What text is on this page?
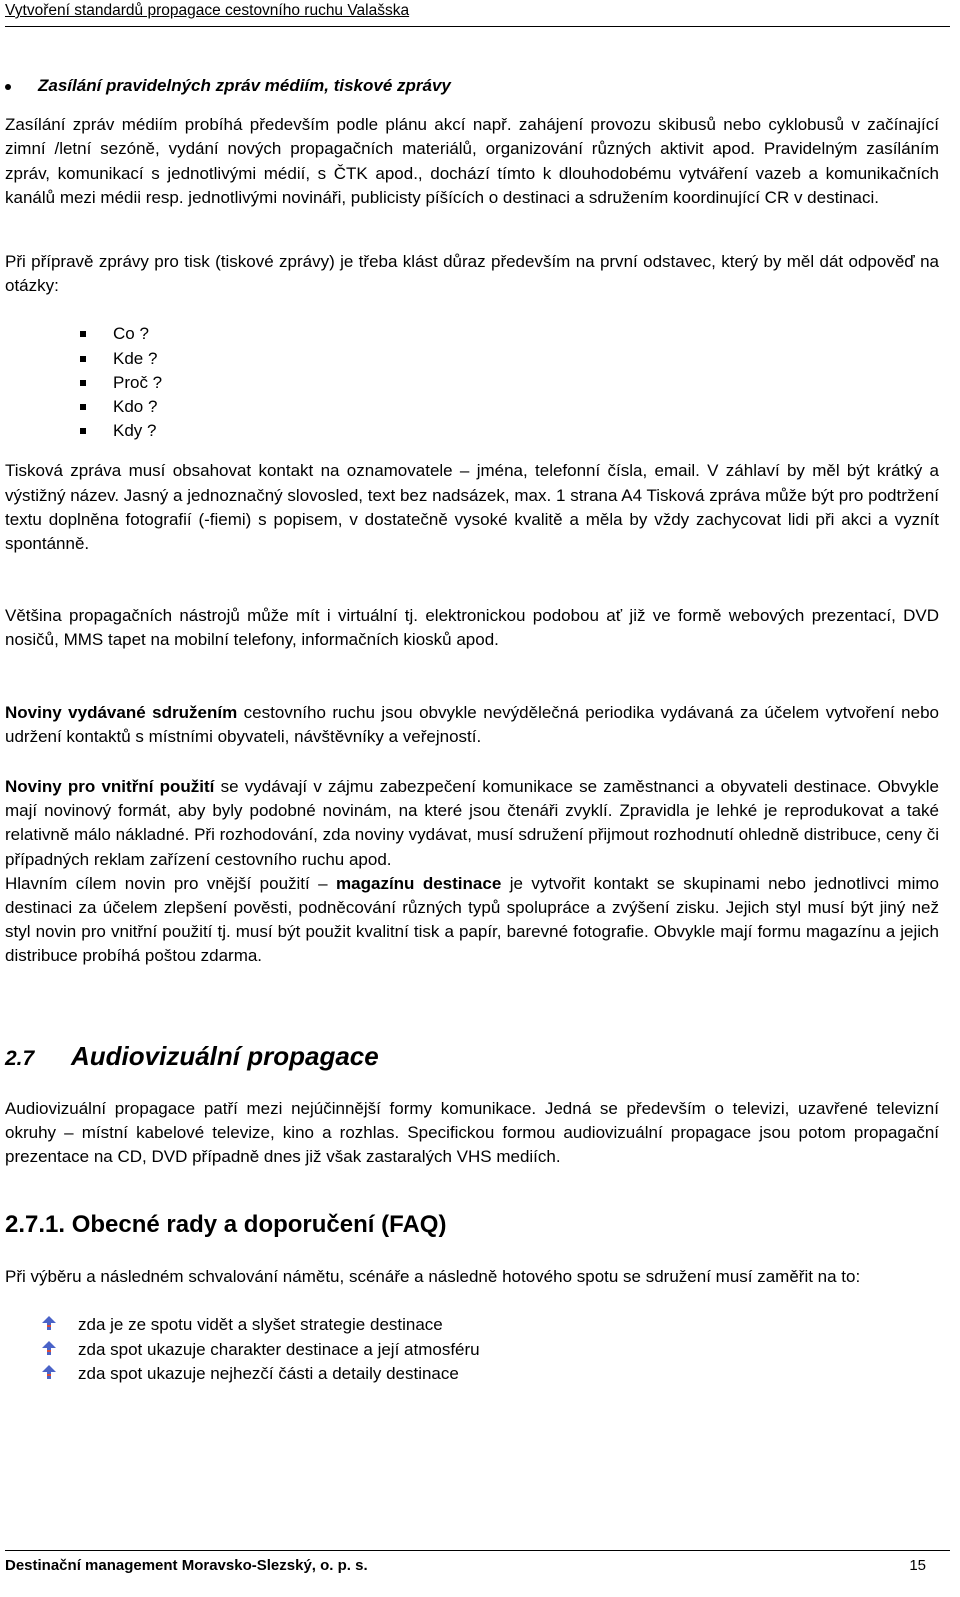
Vytvoření standardů propagace cestovního ruchu Valašska
Zasílání pravidelných zpráv médiím, tiskové zprávy

Zasílání zpráv médiím probíhá především podle plánu akcí např. zahájení provozu skibusů nebo cyklobusů v začínající zimní /letní sezóně, vydání nových propagačních materiálů, organizování různých aktivit apod. Pravidelným zasíláním zpráv, komunikací s jednotlivými médií, s ČTK apod., dochází tímto k dlouhodobému vytváření vazeb a komunikačních kanálů mezi médii resp. jednotlivými novináři, publicisty píšících o destinaci a sdružením koordinující CR v destinaci.

Při přípravě zprávy pro tisk (tiskové zprávy) je třeba klást důraz především na první odstavec, který by měl dát odpověď na otázky:

Co ?
Kde ?
Proč ?
Kdo ?
Kdy ?

Tisková zpráva musí obsahovat kontakt na oznamovatele – jména, telefonní čísla, email. V záhlaví by měl být krátký a výstižný název. Jasný a jednoznačný slovosled, text bez nadsázek, max. 1 strana A4 Tisková zpráva může být pro podtržení textu doplněna fotografií (-fiemi) s popisem, v dostatečně vysoké kvalitě a měla by vždy zachycovat lidi při akci a vyznít spontánně.

Většina propagačních nástrojů může mít i virtuální tj. elektronickou podobou ať již ve formě webových prezentací, DVD nosičů, MMS tapet na mobilní telefony, informačních kiosků apod.

Noviny vydávané sdružením cestovního ruchu jsou obvykle nevýdělečná periodika vydávaná za účelem vytvoření nebo udržení kontaktů s místními obyvateli, návštěvníky a veřejností.

Noviny pro vnitřní použití se vydávají v zájmu zabezpečení komunikace se zaměstnanci a obyvateli destinace. Obvykle mají novinový formát, aby byly podobné novinám, na které jsou čtenáři zvyklí. Zpravidla je lehké je reprodukovat a také relativně málo nákladné. Při rozhodování, zda noviny vydávat, musí sdružení přijmout rozhodnutí ohledně distribuce, ceny či případných reklam zařízení cestovního ruchu apod.

Hlavním cílem novin pro vnější použití – magazínu destinace je vytvořit kontakt se skupinami nebo jednotlivci mimo destinaci za účelem zlepšení pověsti, podněcování různých typů spolupráce a zvýšení zisku. Jejich styl musí být jiný než styl novin pro vnitřní použití tj. musí být použit kvalitní tisk a papír, barevné fotografie. Obvykle mají formu magazínu a jejich distribuce probíhá poštou zdarma.

2.7 Audiovizuální propagace

Audiovizuální propagace patří mezi nejúčinnější formy komunikace. Jedná se především o televizi, uzavřené televizní okruhy – místní kabelové televize, kino a rozhlas. Specifickou formou audiovizuální propagace jsou potom propagační prezentace na CD, DVD případně dnes již však zastaralých VHS mediích.

2.7.1. Obecné rady a doporučení (FAQ)

Při výběru a následném schvalování námětu, scénáře a následně hotového spotu se sdružení musí zaměřit na to:

zda je ze spotu vidět a slyšet strategie destinace
zda spot ukazuje charakter destinace a její atmosféru
zda spot ukazuje nejhezčí části a detaily destinace
Destinační management Moravsko-Slezský, o. p. s.	15
